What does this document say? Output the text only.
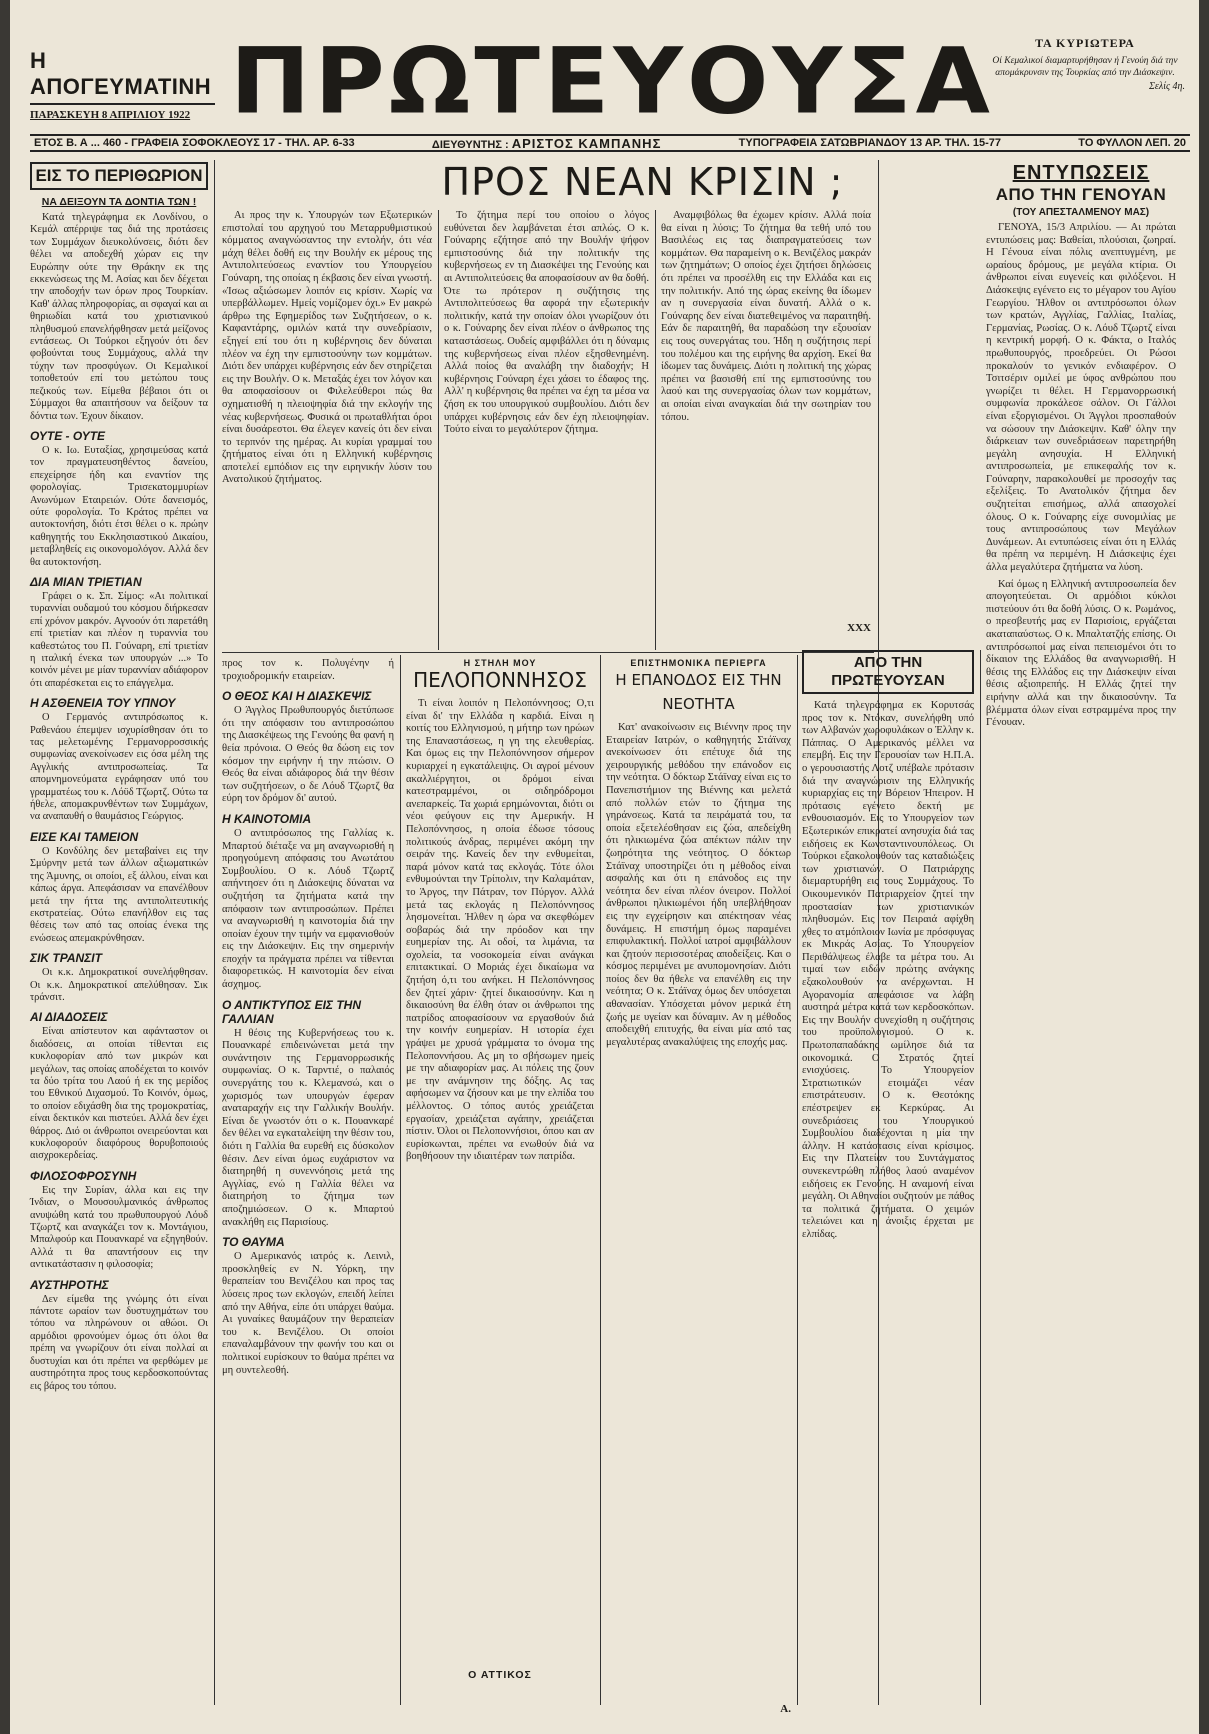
Η ΑΠΟΓΕΥΜΑΤΙΝΗ
ΠΑΡΑΣΚΕΥΗ 8 ΑΠΡΙΛΙΟΥ 1922 ΠΡΩΤΕΥΟΥΣΑ	ΤΑ ΚΥΡΙΩΤΕΡΑ
Οί Κεμαλικοί διαμαρτυρήθησαν ή Γενούη διά την απομάκρυνσιν της Τουρκίας από την Διάσκεψιν.
Σελίς 4η.
ΕΤΟΣ Β. Α ... 460 - ΓΡΑΦΕΙΑ ΣΟΦΟΚΛΕΟΥΣ 17 - ΤΗΛ. ΑΡ. 6-33	ΔΙΕΥΘΥΝΤΗΣ : ΑΡΙΣΤΟΣ ΚΑΜΠΑΝΗΣ	ΤΥΠΟΓΡΑΦΕΙΑ ΣΑΤΩΒΡΙΑΝΔΟΥ 13 ΑΡ. ΤΗΛ. 15-77	ΤΟ ΦΥΛΛΟΝ ΛΕΠ. 20
ΕΙΣ ΤΟ ΠΕΡΙΘΩΡΙΟΝ
ΝΑ ΔΕΙΞΟΥΝ ΤΑ ΔΟΝΤΙΑ ΤΩΝ !

Κατά τηλεγράφημα εκ Λονδίνου, ο Κεμάλ απέρριψε τας διά της προτάσεις των Συμμάχων διευκολύνσεις, διότι δεν θέλει να αποδεχθή χώραν εις την Ευρώπην ούτε την Θράκην εκ της εκκενώσεως της Μ. Ασίας και δεν δέχεται την αποδοχήν των όρων προς Τουρκίαν. Καθ' άλλας πληροφορίας, αι σφαγαί και αι θηριωδίαι κατά του χριστιανικού πληθυσμού επανελήφθησαν μετά μείζονος εντάσεως. Οι Τούρκοι εξηγούν ότι δεν φοβούνται τους Συμμάχους, αλλά την τύχην των προσφύγων. Οι Κεμαλικοί τοποθετούν επί του μετώπου τους πεζικούς των. Είμεθα βέβαιοι ότι οι Σύμμαχοι θα απαιτήσουν να δείξουν τα δόντια των. Έχουν δίκαιον.

ΟΥΤΕ - ΟΥΤΕ

Ο κ. Ιω. Ευταξίας, χρησιμεύσας κατά τον πραγματευσηθέντος δανείου, επεχείρησε ήδη και εναντίον της φορολογίας. Τρισεκατομμυρίων Ανωνύμων Εταιρειών. Ούτε δανεισμός, ούτε φορολογία. Το Κράτος πρέπει να αυτοκτονήση, διότι έτσι θέλει ο κ. πρώην καθηγητής του Εκκλησιαστικού Δικαίου, μεταβληθείς εις οικονομολόγον. Αλλά δεν θα αυτοκτονήση.

ΔΙΑ ΜΙΑΝ ΤΡΙΕΤΙΑΝ

Γράφει ο κ. Σπ. Σίμος: «Αι πολιτικαί τυραννίαι ουδαμού του κόσμου διήρκεσαν επί χρόνον μακρόν. Αγνοούν ότι παρετάθη επί τριετίαν και πλέον η τυραννία του καθεστώτος του Π. Γούναρη, επί τριετίαν η ιταλική ένεκα των υπουργών ...» Το κοινόν μένει με μίαν τυραννίαν αδιάφορον ότι απαρέσκεται εις το επάγγελμα.

Η ΑΣΘΕΝΕΙΑ ΤΟΥ ΥΠΝΟΥ

Ο Γερμανός αντιπρόσωπος κ. Ραθενάου έπεμψεν ισχυρίσθησαν ότι το τας μελετωμένης Γερμανορροσσικής συμφωνίας ανεκοίνωσεν εις όσα μέλη της Αγγλικής αντιπροσωπείας. Τα απομνημονεύματα εγράφησαν υπό του γραμματέως του κ. Λόϋδ Τζωρτζ. Ούτω τα ήθελε, απομακρυνθέντων των Συμμάχων, να αναπαυθή ο θαυμάσιος Γεώργιος.

ΕΙΣΕ ΚΑΙ ΤΑΜΕΙΟΝ

Ο Κονδύλης δεν μεταβαίνει εις την Σμύρνην μετά των άλλων αξιωματικών της Άμυνης, οι οποίοι, εξ άλλου, είναι και κάπως άργα. Απεφάσισαν να επανέλθουν μετά την ήττα της αντιπολιτευτικής εκστρατείας. Ούτω επανήλθον εις τας θέσεις των από τας οποίας ένεκα της ενώσεως απεμακρύνθησαν.

ΣΙΚ ΤΡΑΝΣΙΤ

Οι κ.κ. Δημοκρατικοί συνελήφθησαν. Οι κ.κ. Δημοκρατικοί απελύθησαν. Σικ τράνσιτ.

ΑΙ ΔΙΑΔΟΣΕΙΣ

Είναι απίστευτον και αφάνταστον οι διαδόσεις, αι οποίαι τίθενται εις κυκλοφορίαν από των μικρών και μεγάλων, τας οποίας αποδέχεται το κοινόν τα δύο τρίτα του Λαού ή εκ της μερίδος του Εθνικού Διχασμού. Το Κοινόν, όμως, το οποίον εδιχάσθη δια της τρομοκρατίας, είναι δεκτικόν και πιστεύει. Αλλά δεν έχει θάρρος. Διό οι άνθρωποι ονειρεύονται και κυκλοφορούν διαφόρους θορυβοποιούς αισχροκερδείας.

ΦΙΛΟΣΟΦΡΟΣΥΝΗ

Εις την Συρίαν, άλλα και εις την Ίνδιαν, ο Μουσουλμανικός άνθρωπος ανυψώθη κατά του πρωθυπουργού Λόυδ Τζωρτζ και αναγκάζει τον κ. Μοντάγιου, Μπαλφούρ και Πουανκαρέ να εξηγηθούν. Αλλά τι θα απαντήσουν εις την αντικατάστασιν η φιλοσοφία;

ΑΥΣΤΗΡΟΤΗΣ

Δεν είμεθα της γνώμης ότι είναι πάντοτε ωραίον των δυστυχημάτων του τόπου να πληρώνουν οι αθώοι. Οι αρμόδιοι φρονούμεν όμως ότι όλοι θα πρέπη να γνωρίζουν ότι είναι πολλαί αι δυστυχίαι και ότι πρέπει να φερθώμεν με αυστηρότητα προς τους κερδοσκοπούντας εις βάρος του τόπου.

ΠΡΟΣ ΝΕΑΝ ΚΡΙΣΙΝ ;

Αι προς την κ. Υπουργών των Εξωτερικών επιστολαί του αρχηγού του Μεταρρυθμιστικού κόμματος αναγνώσαντος την εντολήν, ότι νέα μάχη θέλει δοθή εις την Βουλήν εκ μέρους της Αντιπολιτεύσεως εναντίον του Υπουργείου Γούναρη, της οποίας η έκβασις δεν είναι γνωστή. «Ίσως αξιώσωμεν λοιπόν εις κρίσιν. Χωρίς να υπερβάλλωμεν. Ημείς νομίζομεν όχι.» Εν μακρώ άρθρω της Εφημερίδος των Συζητήσεων, ο κ. Καφαντάρης, ομιλών κατά την συνεδρίασιν, εξηγεί επί του ότι η κυβέρνησις δεν δύναται πλέον να έχη την εμπιστοσύνην των κομμάτων. Διότι δεν υπάρχει κυβέρνησις εάν δεν στηρίζεται εις την Βουλήν. Ο κ. Μεταξάς έχει τον λόγον και θα αποφασίσουν οι Φιλελεύθεροι πώς θα σχηματισθή η πλειοψηφία διά την εκλογήν της νέας κυβερνήσεως. Φυσικά οι πρωταθλήται όροι είναι δυσάρεστοι. Θα έλεγεν κανείς ότι δεν είναι το τερπνόν της ημέρας. Αι κυρίαι γραμμαί του ζητήματος είναι ότι η Ελληνική κυβέρνησις αποτελεί εμπόδιον εις την ειρηνικήν λύσιν του Ανατολικού ζητήματος.

Το ζήτημα περί του οποίου ο λόγος ευθύνεται δεν λαμβάνεται έτσι απλώς. Ο κ. Γούναρης εζήτησε από την Βουλήν ψήφον εμπιστοσύνης διά την πολιτικήν της κυβερνήσεως εν τη Διασκέψει της Γενούης και αι Αντιπολιτεύσεις θα αποφασίσουν αν θα δοθή. Ότε τω πρότερον η συζήτησις της Αντιπολιτεύσεως θα αφορά την εξωτερικήν πολιτικήν, κατά την οποίαν όλοι γνωρίζουν ότι ο κ. Γούναρης δεν είναι πλέον ο άνθρωπος της καταστάσεως. Ουδείς αμφιβάλλει ότι η δύναμις της κυβερνήσεως είναι πλέον εξησθενημένη. Αλλά ποίος θα αναλάβη την διαδοχήν; Η κυβέρνησις Γούναρη έχει χάσει το έδαφος της. Αλλ' η κυβέρνησις θα πρέπει να έχη τα μέσα να ζήση εκ του υπουργικού συμβουλίου. Διότι δεν υπάρχει κυβέρνησις εάν δεν έχη πλειοψηφίαν. Τούτο είναι το μεγαλύτερον ζήτημα.

Αναμφιβόλως θα έχωμεν κρίσιν. Αλλά ποία θα είναι η λύσις; Το ζήτημα θα τεθή υπό του Βασιλέως εις τας διαπραγματεύσεις των κομμάτων. Θα παραμείνη ο κ. Βενιζέλος μακράν των ζητημάτων; Ο οποίος έχει ζητήσει δηλώσεις ότι πρέπει να προσέλθη εις την Ελλάδα και εις την πολιτικήν. Από της ώρας εκείνης θα ίδωμεν αν η συνεργασία είναι δυνατή. Αλλά ο κ. Γούναρης δεν είναι διατεθειμένος να παραιτηθή. Εάν δε παραιτηθή, θα παραδώση την εξουσίαν εις τους συνεργάτας του. Ήδη η συζήτησις περί του πολέμου και της ειρήνης θα αρχίση. Εκεί θα ίδωμεν τας δυνάμεις. Διότι η πολιτική της χώρας πρέπει να βασισθή επί της εμπιστοσύνης του λαού και της συνεργασίας όλων των κομμάτων, αι οποίαι είναι αναγκαίαι διά την σωτηρίαν του τόπου.

ΧΧΧ

προς τον κ. Πολυγένην ή τροχιοδρομικήν εταιρείαν.

Ο ΘΕΟΣ ΚΑΙ Η ΔΙΑΣΚΕΨΙΣ

Ο Άγγλος Πρωθυπουργός διετύπωσε ότι την απόφασιν του αντιπροσώπου της Διασκέψεως της Γενούης θα φανή η θεία πρόνοια. Ο Θεός θα δώση εις τον κόσμον την ειρήνην ή την πτώσιν. Ο Θεός θα είναι αδιάφορος διά την θέσιν των συζητήσεων, ο δε Λόυδ Τζωρτζ θα εύρη τον δρόμον δι' αυτού.

Η ΚΑΙΝΟΤΟΜΙΑ

Ο αντιπρόσωπος της Γαλλίας κ. Μπαρτού διέταξε να μη αναγνωρισθή η προηγούμενη απόφασις του Ανωτάτου Συμβουλίου. Ο κ. Λόυδ Τζωρτζ απήντησεν ότι η Διάσκεψις δύναται να συζητήση τα ζητήματα κατά την απόφασιν των αντιπροσώπων. Πρέπει να αναγνωρισθή η καινοτομία διά την οποίαν έχουν την τιμήν να εμφανισθούν εις την Διάσκεψιν. Εις την σημερινήν εποχήν τα πράγματα πρέπει να τίθενται διαφορετικώς. Η καινοτομία δεν είναι άσχημος.

Ο ΑΝΤΙΚΤΥΠΟΣ ΕΙΣ ΤΗΝ ΓΑΛΛΙΑΝ

Η θέσις της Κυβερνήσεως του κ. Πουανκαρέ επιδεινώνεται μετά την συνάντησιν της Γερμανορρωσικής συμφωνίας. Ο κ. Ταρντιέ, ο παλαιός συνεργάτης του κ. Κλεμανσώ, και ο χωρισμός των υπουργών έφεραν αναταραχήν εις την Γαλλικήν Βουλήν. Είναι δε γνωστόν ότι ο κ. Πουανκαρέ δεν θέλει να εγκαταλείψη την θέσιν του, διότι η Γαλλία θα ευρεθή εις δύσκολον θέσιν. Δεν είναι όμως ευχάριστον να διατηρηθή η συνεννόησις μετά της Αγγλίας, ενώ η Γαλλία θέλει να διατηρήση το ζήτημα των αποζημιώσεων. Ο κ. Μπαρτού ανακλήθη εις Παρισίους.

ΤΟ ΘΑΥΜΑ

Ο Αμερικανός ιατρός κ. Λεινιλ, προσκληθείς εν Ν. Υόρκη, την θεραπείαν του Βενιζέλου και προς τας λύσεις προς των εκλογών, επειδή λείπει από την Αθήνα, είπε ότι υπάρχει θαύμα. Αι γυναίκες θαυμάζουν την θεραπείαν του κ. Βενιζέλου. Οι οποίοι επαναλαμβάνουν την φωνήν του και οι πολιτικοί ευρίσκουν το θαύμα πρέπει να μη συντελεσθή.

Η ΣΤΗΛΗ ΜΟΥ
ΠΕΛΟΠΟΝΝΗΣΟΣ

Τι είναι λοιπόν η Πελοπόννησος; Ο,τι είναι δι' την Ελλάδα η καρδιά. Είναι η κοιτίς του Ελληνισμού, η μήτηρ των ηρώων της Επαναστάσεως, η γη της ελευθερίας. Και όμως εις την Πελοπόννησον σήμερον κυριαρχεί η εγκατάλειψις. Οι αγροί μένουν ακαλλιέργητοι, οι δρόμοι είναι κατεστραμμένοι, οι σιδηρόδρομοι ανεπαρκείς. Τα χωριά ερημώνονται, διότι οι νέοι φεύγουν εις την Αμερικήν. Η Πελοπόννησος, η οποία έδωσε τόσους πολιτικούς άνδρας, περιμένει ακόμη την σειράν της. Κανείς δεν την ενθυμείται, παρά μόνον κατά τας εκλογάς. Τότε όλοι ενθυμούνται την Τρίπολιν, την Καλαμάταν, το Άργος, την Πάτραν, τον Πύργον. Αλλά μετά τας εκλογάς η Πελοπόννησος λησμονείται. Ήλθεν η ώρα να σκεφθώμεν σοβαρώς διά την πρόοδον και την ευημερίαν της. Αι οδοί, τα λιμάνια, τα σχολεία, τα νοσοκομεία είναι ανάγκαι επιτακτικαί. Ο Μοριάς έχει δικαίωμα να ζητήση ό,τι του ανήκει. Η Πελοπόννησος δεν ζητεί χάριν· ζητεί δικαιοσύνην. Και η δικαιοσύνη θα έλθη όταν οι άνθρωποι της πατρίδος αποφασίσουν να εργασθούν διά την κοινήν ευημερίαν. Η ιστορία έχει γράψει με χρυσά γράμματα το όνομα της Πελοποννήσου. Ας μη το σβήσωμεν ημείς με την αδιαφορίαν μας. Αι πόλεις της ζουν με την ανάμνησιν της δόξης. Ας τας αφήσωμεν να ζήσουν και με την ελπίδα του μέλλοντος. Ο τόπος αυτός χρειάζεται εργασίαν, χρειάζεται αγάπην, χρειάζεται πίστιν. Όλοι οι Πελοποννήσιοι, όπου και αν ευρίσκωνται, πρέπει να ενωθούν διά να βοηθήσουν την ιδιαιτέραν των πατρίδα.

Ο ΑΤΤΙΚΟΣ
ΕΠΙΣΤΗΜΟΝΙΚΑ ΠΕΡΙΕΡΓΑ
Η ΕΠΑΝΟΔΟΣ ΕΙΣ ΤΗΝ ΝΕΟΤΗΤΑ

Κατ' ανακοίνωσιν εις Βιέννην προς την Εταιρείαν Ιατρών, ο καθηγητής Στάϊναχ ανεκοίνωσεν ότι επέτυχε διά της χειρουργικής μεθόδου την επάνοδον εις την νεότητα. Ο δόκτωρ Στάϊναχ είναι εις το Πανεπιστήμιον της Βιέννης και μελετά από πολλών ετών το ζήτημα της γηράνσεως. Κατά τα πειράματά του, τα οποία εξετελέσθησαν εις ζώα, απεδείχθη ότι ηλικιωμένα ζώα απέκτων πάλιν την ζωηρότητα της νεότητος. Ο δόκτωρ Στάϊναχ υποστηρίζει ότι η μέθοδος είναι ασφαλής και ότι η επάνοδος εις την νεότητα δεν είναι πλέον όνειρον. Πολλοί άνθρωποι ηλικιωμένοι ήδη υπεβλήθησαν εις την εγχείρησιν και απέκτησαν νέας δυνάμεις. Η επιστήμη όμως παραμένει επιφυλακτική. Πολλοί ιατροί αμφιβάλλουν και ζητούν περισσοτέρας αποδείξεις. Και ο κόσμος περιμένει με ανυπομονησίαν. Διότι ποίος δεν θα ήθελε να επανέλθη εις την νεότητα; Ο κ. Στάϊναχ όμως δεν υπόσχεται αθανασίαν. Υπόσχεται μόνον μερικά έτη ζωής με υγείαν και δύναμιν. Αν η μέθοδος αποδειχθή επιτυχής, θα είναι μία από τας μεγαλυτέρας ανακαλύψεις της εποχής μας.

Α.
ΑΠΟ ΤΗΝ ΠΡΩΤΕΥΟΥΣΑΝ

Κατά τηλεγράφημα εκ Κορυτσάς προς τον κ. Ντόκαν, συνελήφθη υπό των Αλβανών χωροφυλάκων ο Έλλην κ. Πάππας. Ο Αμερικανός μέλλει να επεμβή. Εις την Γερουσίαν των Η.Π.Α. ο γερουσιαστής Λοτζ υπέβαλε πρότασιν διά την αναγνώρισιν της Ελληνικής κυριαρχίας εις την Βόρειον Ήπειρον. Η πρότασις εγένετο δεκτή με ενθουσιασμόν. Εις το Υπουργείον των Εξωτερικών επικρατεί ανησυχία διά τας ειδήσεις εκ Κωνσταντινουπόλεως. Οι Τούρκοι εξακολουθούν τας καταδιώξεις των χριστιανών. Ο Πατριάρχης διεμαρτυρήθη εις τους Συμμάχους. Το Οικουμενικόν Πατριαρχείον ζητεί την προστασίαν των χριστιανικών πληθυσμών. Εις τον Πειραιά αφίχθη χθες το ατμόπλοιον Ιωνία με πρόσφυγας εκ Μικράς Ασίας. Το Υπουργείον Περιθάλψεως έλαβε τα μέτρα του. Αι τιμαί των ειδών πρώτης ανάγκης εξακολουθούν να ανέρχωνται. Η Αγορανομία απεφάσισε να λάβη αυστηρά μέτρα κατά των κερδοσκόπων. Εις την Βουλήν συνεχίσθη η συζήτησις του προϋπολογισμού. Ο κ. Πρωτοπαπαδάκης ωμίλησε διά τα οικονομικά. Ο Στρατός ζητεί ενισχύσεις. Το Υπουργείον Στρατιωτικών ετοιμάζει νέαν επιστράτευσιν. Ο κ. Θεοτόκης επέστρεψεν εκ Κερκύρας. Αι συνεδριάσεις του Υπουργικού Συμβουλίου διαδέχονται η μία την άλλην. Η κατάστασις είναι κρίσιμος. Εις την Πλατείαν του Συντάγματος συνεκεντρώθη πλήθος λαού αναμένον ειδήσεις εκ Γενούης. Η αναμονή είναι μεγάλη. Οι Αθηναίοι συζητούν με πάθος τα πολιτικά ζητήματα. Ο χειμών τελειώνει και η άνοιξις έρχεται με ελπίδας.

ΕΝΤΥΠΩΣΕΙΣ
ΑΠΟ ΤΗΝ ΓΕΝΟΥΑΝ
(ΤΟΥ ΑΠΕΣΤΑΛΜΕΝΟΥ ΜΑΣ)

ΓΕΝΟΥΑ, 15/3 Απριλίου. — Αι πρώται εντυπώσεις μας: Βαθείαι, πλούσιαι, ζωηραί. Η Γένουα είναι πόλις ανεπτυγμένη, με ωραίους δρόμους, με μεγάλα κτίρια. Οι άνθρωποι είναι ευγενείς και φιλόξενοι. Η Διάσκεψις εγένετο εις το μέγαρον του Αγίου Γεωργίου. Ήλθον οι αντιπρόσωποι όλων των κρατών, Αγγλίας, Γαλλίας, Ιταλίας, Γερμανίας, Ρωσίας. Ο κ. Λόυδ Τζωρτζ είναι η κεντρική μορφή. Ο κ. Φάκτα, ο Ιταλός πρωθυπουργός, προεδρεύει. Οι Ρώσοι προκαλούν το γενικόν ενδιαφέρον. Ο Τσιτσέριν ομιλεί με ύφος ανθρώπου που γνωρίζει τι θέλει. Η Γερμανορρωσική συμφωνία προκάλεσε σάλον. Οι Γάλλοι είναι εξοργισμένοι. Οι Άγγλοι προσπαθούν να σώσουν την Διάσκεψιν. Καθ' όλην την διάρκειαν των συνεδριάσεων παρετηρήθη μεγάλη ανησυχία. Η Ελληνική αντιπροσωπεία, με επικεφαλής τον κ. Γούναρην, παρακολουθεί με προσοχήν τας εξελίξεις. Το Ανατολικόν ζήτημα δεν συζητείται επισήμως, αλλά απασχολεί όλους. Ο κ. Γούναρης είχε συνομιλίας με τους αντιπροσώπους των Μεγάλων Δυνάμεων. Αι εντυπώσεις είναι ότι η Ελλάς θα πρέπη να περιμένη. Η Διάσκεψις έχει άλλα μεγαλύτερα ζητήματα να λύση.

Καί όμως η Ελληνική αντιπροσωπεία δεν απογοητεύεται. Οι αρμόδιοι κύκλοι πιστεύουν ότι θα δοθή λύσις. Ο κ. Ρωμάνος, ο πρεσβευτής μας εν Παρισίοις, εργάζεται ακαταπαύστως. Ο κ. Μπαλτατζής επίσης. Οι αντιπρόσωποί μας είναι πεπεισμένοι ότι το δίκαιον της Ελλάδος θα αναγνωρισθή. Η θέσις της Ελλάδος εις την Διάσκεψιν είναι θέσις αξιοπρεπής. Η Ελλάς ζητεί την ειρήνην αλλά και την δικαιοσύνην. Τα βλέμματα όλων είναι εστραμμένα προς την Γένουαν.
